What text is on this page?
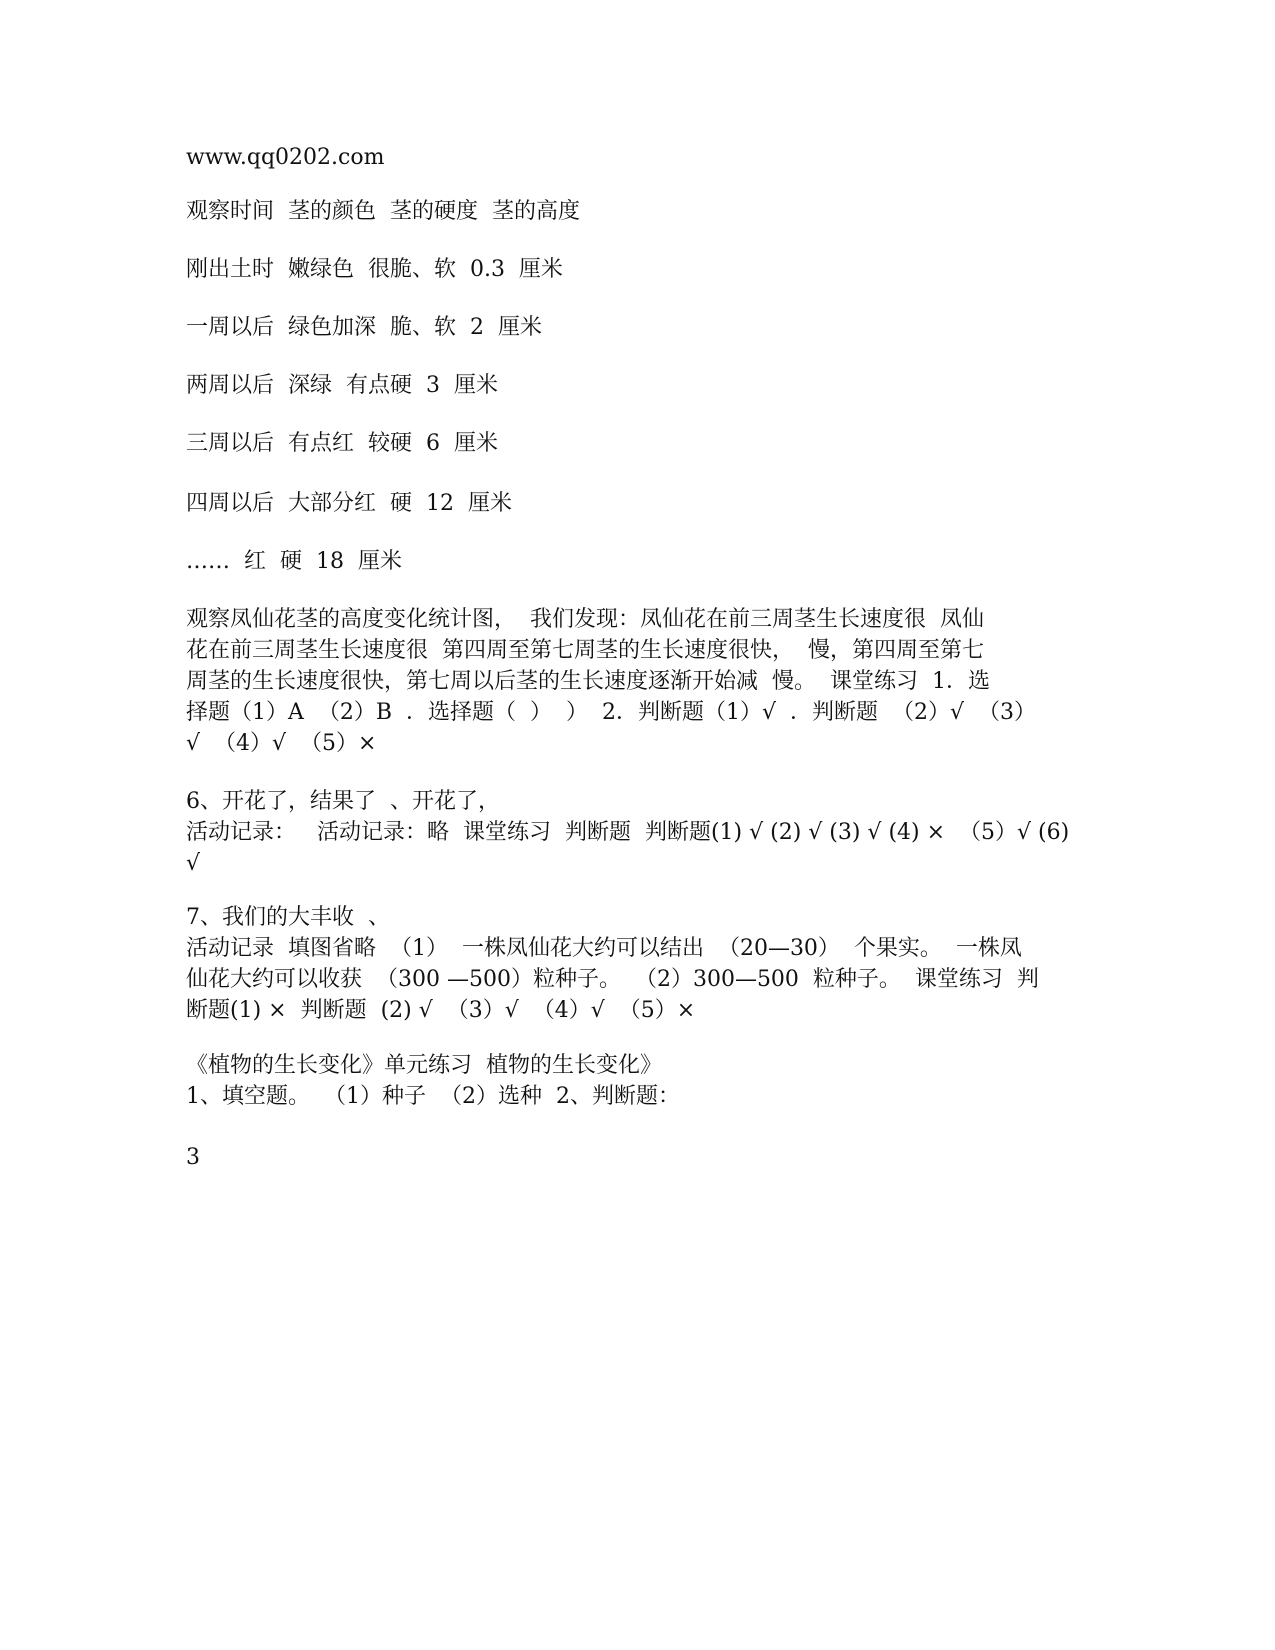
www.qq0202.com

观察时间  茎的颜色  茎的硬度  茎的高度

刚出土时  嫩绿色  很脆、软  0.3  厘米

一周以后  绿色加深  脆、软  2  厘米

两周以后  深绿  有点硬  3  厘米

三周以后  有点红  较硬  6  厘米

四周以后  大部分红  硬  12  厘米

……  红  硬  18  厘米

观察凤仙花茎的高度变化统计图，  我们发现：凤仙花在前三周茎生长速度很  凤仙
花在前三周茎生长速度很  第四周至第七周茎的生长速度很快，  慢，第四周至第七
周茎的生长速度很快，第七周以后茎的生长速度逐渐开始减  慢。  课堂练习  1．选
择题（1）A  （2）B  ．选择题（  ）  ）  2．判断题（1）√  ．判断题  （2）√  （3）
√  （4）√  （5）×
6、开花了，结果了  、开花了，
活动记录：   活动记录：略  课堂练习  判断题  判断题(1) √ (2) √ (3) √ (4) ×  （5）√ (6)
√
7、我们的大丰收  、
活动记录  填图省略  （1）  一株凤仙花大约可以结出  （20—30）  个果实。  一株凤
仙花大约可以收获  （300 —500）粒种子。  （2）300—500  粒种子。  课堂练习  判
断题(1) ×  判断题  (2) √  （3）√  （4）√  （5）×
《植物的生长变化》单元练习  植物的生长变化》
1、填空题。  （1）种子  （2）选种  2、判断题：

3
